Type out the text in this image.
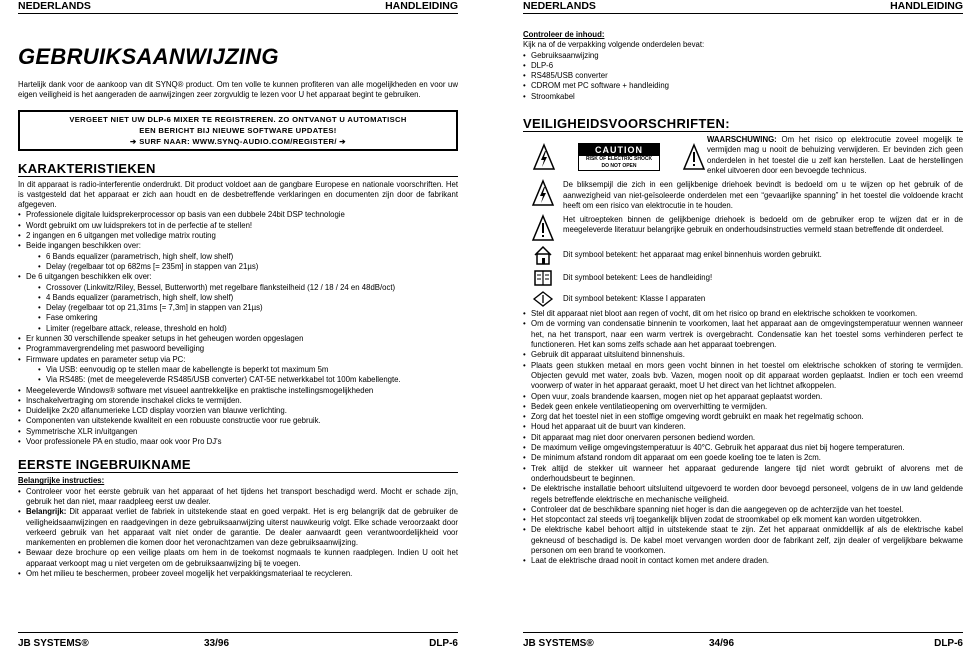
NEDERLANDS	HANDLEIDING
GEBRUIKSAANWIJZING

Hartelijk dank voor de aankoop van dit SYNQ® product. Om ten volle te kunnen profiteren van alle mogelijkheden en voor uw eigen veiligheid is het aangeraden de aanwijzingen zeer zorgvuldig te lezen voor U het apparaat begint te gebruiken.

VERGEET NIET UW DLP-6 MIXER TE REGISTREREN. ZO ONTVANGT U AUTOMATISCH
EEN BERICHT BIJ NIEUWE SOFTWARE UPDATES!
➔ SURF NAAR: WWW.SYNQ-AUDIO.COM/REGISTER/ ➔
KARAKTERISTIEKEN

In dit apparaat is radio-interferentie onderdrukt. Dit product voldoet aan de gangbare Europese en nationale voorschriften. Het is vastgesteld dat het apparaat er zich aan houdt en de desbetreffende verklaringen en documenten zijn door de fabrikant afgegeven.

• Professionele digitale luidsprekerprocessor op basis van een dubbele 24bit DSP technologie
• Wordt gebruikt om uw luidsprekers tot in de perfectie af te stellen!
• 2 ingangen en 6 uitgangen met volledige matrix routing
• Beide ingangen beschikken over:
• 6 Bands equalizer (parametrisch, high shelf, low shelf)
• Delay (regelbaar tot op 682ms [= 235m] in stappen van 21µs)
• De 6 uitgangen beschikken elk over:
• Crossover (Linkwitz/Riley, Bessel, Butterworth) met regelbare flanksteilheid (12 / 18 / 24 en 48dB/oct)
• 4 Bands equalizer (parametrisch, high shelf, low shelf)
• Delay (regelbaar tot op 21,31ms [= 7,3m] in stappen van 21µs)
• Fase omkering
• Limiter (regelbare attack, release, threshold en hold)
• Er kunnen 30 verschillende speaker setups in het geheugen worden opgeslagen
• Programmavergrendeling met paswoord beveiliging
• Firmware updates en parameter setup via PC:
• Via USB: eenvoudig op te stellen maar de kabellengte is beperkt tot maximum 5m
• Via RS485: (met de meegeleverde RS485/USB converter) CAT-5E netwerkkabel tot 100m kabellengte.
• Meegeleverde Windows® software met visueel aantrekkelijke en praktische instellingsmogelijkheden
• Inschakelvertraging om storende inschakel clicks te vermijden.
• Duidelijke 2x20 alfanumerieke LCD display voorzien van blauwe verlichting.
• Componenten van uitstekende kwaliteit en een robuuste constructie voor rue gebruik.
• Symmetrische XLR in/uitgangen
• Voor professionele PA en studio, maar ook voor Pro DJ's
EERSTE INGEBRUIKNAME
Belangrijke instructies:
• Controleer voor het eerste gebruik van het apparaat of het tijdens het transport beschadigd werd. Mocht er schade zijn, gebruik het dan niet, maar raadpleeg eerst uw dealer.
• Belangrijk: Dit apparaat verliet de fabriek in uitstekende staat en goed verpakt. Het is erg belangrijk dat de gebruiker de veiligheidsaanwijzingen en raadgevingen in deze gebruiksaanwijzing uiterst nauwkeurig volgt. Elke schade veroorzaakt door verkeerd gebruik van het apparaat valt niet onder de garantie. De dealer aanvaardt geen verantwoordelijkheid voor mankementen en problemen die komen door het veronachtzamen van deze gebruiksaanwijzing.
• Bewaar deze brochure op een veilige plaats om hem in de toekomst nogmaals te kunnen raadplegen. Indien U ooit het apparaat verkoopt mag u niet vergeten om de gebruiksaanwijzing bij te voegen.
• Om het milieu te beschermen, probeer zoveel mogelijk het verpakkingsmateriaal te recycleren.
JB SYSTEMS®	33/96	DLP-6
NEDERLANDS	HANDLEIDING
Controleer de inhoud:
Kijk na of de verpakking volgende onderdelen bevat:
• Gebruiksaanwijzing
• DLP-6
• RS485/USB converter
• CDROM met PC software + handleiding
• Stroomkabel
VEILIGHEIDSVOORSCHRIFTEN:
CAUTION
RISK OF ELECTRIC SHOCK
DO NOT OPEN
WAARSCHUWING: Om het risico op elektrocutie zoveel mogelijk te vermijden mag u nooit de behuizing verwijderen. Er bevinden zich geen onderdelen in het toestel die u zelf kan herstellen. Laat de herstellingen enkel uitvoeren door een bevoegde technicus.
De bliksempijl die zich in een gelijkbenige driehoek bevindt is bedoeld om u te wijzen op het gebruik of de aanwezigheid van niet-geïsoleerde onderdelen met een “gevaarlijke spanning” in het toestel die voldoende kracht heeft om een risico van elektrocutie in te houden.
Het uitroepteken binnen de gelijkbenige driehoek is bedoeld om de gebruiker erop te wijzen dat er in de meegeleverde literatuur belangrijke gebruik en onderhoudsinstructies vermeld staan betreffende dit onderdeel.
Dit symbool betekent: het apparaat mag enkel binnenhuis worden gebruikt.
Dit symbool betekent: Lees de handleiding!
Dit symbool betekent: Klasse I apparaten
• Stel dit apparaat niet bloot aan regen of vocht, dit om het risico op brand en elektrische schokken te voorkomen.
• Om de vorming van condensatie binnenin te voorkomen, laat het apparaat aan de omgevingstemperatuur wennen wanneer het, na het transport, naar een warm vertrek is overgebracht. Condensatie kan het toestel soms verhinderen perfect te functioneren. Het kan soms zelfs schade aan het apparaat toebrengen.
• Gebruik dit apparaat uitsluitend binnenshuis.
• Plaats geen stukken metaal en mors geen vocht binnen in het toestel om elektrische schokken of storing te vermijden. Objecten gevuld met water, zoals bvb. Vazen, mogen nooit op dit apparaat worden geplaatst. Indien er toch een vreemd voorwerp of water in het apparaat geraakt, moet U het direct van het lichtnet afkoppelen.
• Open vuur, zoals brandende kaarsen, mogen niet op het apparaat geplaatst worden.
• Bedek geen enkele ventilatieopening om oververhitting te vermijden.
• Zorg dat het toestel niet in een stoffige omgeving wordt gebruikt en maak het regelmatig schoon.
• Houd het apparaat uit de buurt van kinderen.
• Dit apparaat mag niet door onervaren personen bediend worden.
• De maximum veilige omgevingstemperatuur is 40°C. Gebruik het apparaat dus niet bij hogere temperaturen.
• De minimum afstand rondom dit apparaat om een goede koeling toe te laten is 2cm.
• Trek altijd de stekker uit wanneer het apparaat gedurende langere tijd niet wordt gebruikt of alvorens met de onderhoudsbeurt te beginnen.
• De elektrische installatie behoort uitsluitend uitgevoerd te worden door bevoegd personeel, volgens de in uw land geldende regels betreffende elektrische en mechanische veiligheid.
• Controleer dat de beschikbare spanning niet hoger is dan die aangegeven op de achterzijde van het toestel.
• Het stopcontact zal steeds vrij toegankelijk blijven zodat de stroomkabel op elk moment kan worden uitgetrokken.
• De elektrische kabel behoort altijd in uitstekende staat te zijn. Zet het apparaat onmiddellijk af als de elektrische kabel gekneusd of beschadigd is. De kabel moet vervangen worden door de fabrikant zelf, zijn dealer of vergelijkbare bekwame personen om een brand te voorkomen.
• Laat de elektrische draad nooit in contact komen met andere draden.
JB SYSTEMS®	34/96	DLP-6
